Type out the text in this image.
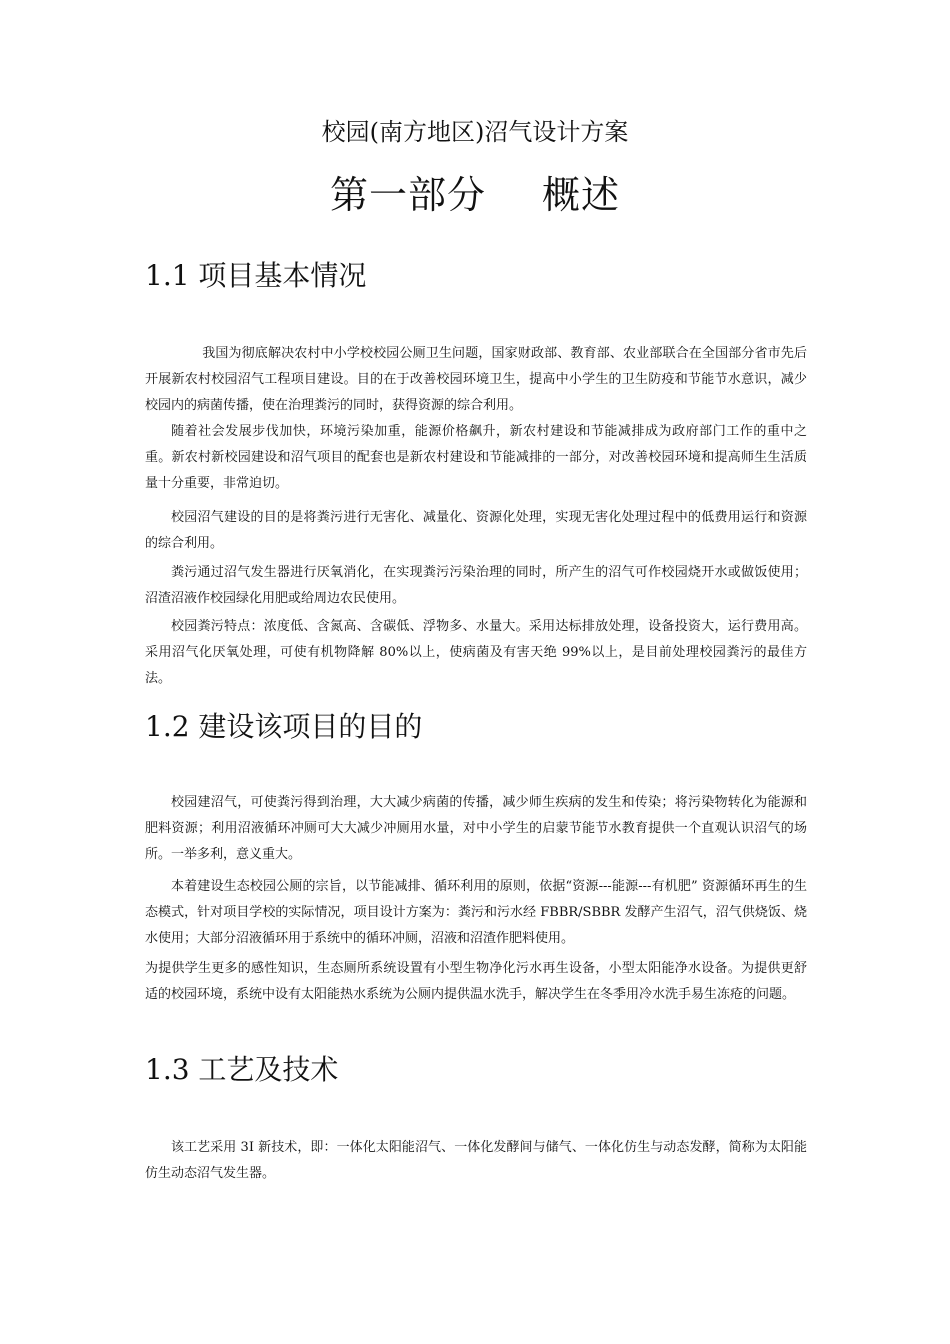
校园(南方地区)沼气设计方案
第一部分 概述
1.1 项目基本情况

我国为彻底解决农村中小学校校园公厕卫生问题，国家财政部、教育部、农业部联合在全国部分省市先后开展新农村校园沼气工程项目建设。目的在于改善校园环境卫生，提高中小学生的卫生防疫和节能节水意识，减少校园内的病菌传播，使在治理粪污的同时，获得资源的综合利用。

随着社会发展步伐加快，环境污染加重，能源价格飙升，新农村建设和节能减排成为政府部门工作的重中之重。新农村新校园建设和沼气项目的配套也是新农村建设和节能减排的一部分，对改善校园环境和提高师生生活质量十分重要，非常迫切。

校园沼气建设的目的是将粪污进行无害化、减量化、资源化处理，实现无害化处理过程中的低费用运行和资源的综合利用。

粪污通过沼气发生器进行厌氧消化，在实现粪污污染治理的同时，所产生的沼气可作校园烧开水或做饭使用；沼渣沼液作校园绿化用肥或给周边农民使用。

校园粪污特点：浓度低、含氮高、含碳低、浮物多、水量大。采用达标排放处理，设备投资大，运行费用高。采用沼气化厌氧处理，可使有机物降解 80%以上，使病菌及有害天绝 99%以上，是目前处理校园粪污的最佳方法。

1.2 建设该项目的目的

校园建沼气，可使粪污得到治理，大大减少病菌的传播，减少师生疾病的发生和传染；将污染物转化为能源和肥料资源；利用沼液循环冲厕可大大减少冲厕用水量，对中小学生的启蒙节能节水教育提供一个直观认识沼气的场所。一举多利，意义重大。

本着建设生态校园公厕的宗旨，以节能减排、循环利用的原则，依据“资源---能源---有机肥” 资源循环再生的生态模式，针对项目学校的实际情况，项目设计方案为：粪污和污水经 FBBR/SBBR 发酵产生沼气，沼气供烧饭、烧水使用；大部分沼液循环用于系统中的循环冲厕，沼液和沼渣作肥料使用。

为提供学生更多的感性知识，生态厕所系统设置有小型生物净化污水再生设备，小型太阳能净水设备。为提供更舒适的校园环境，系统中设有太阳能热水系统为公厕内提供温水洗手，解决学生在冬季用冷水洗手易生冻疮的问题。

1.3 工艺及技术

该工艺采用 3I 新技术，即：一体化太阳能沼气、一体化发酵间与储气、一体化仿生与动态发酵，简称为太阳能仿生动态沼气发生器。
